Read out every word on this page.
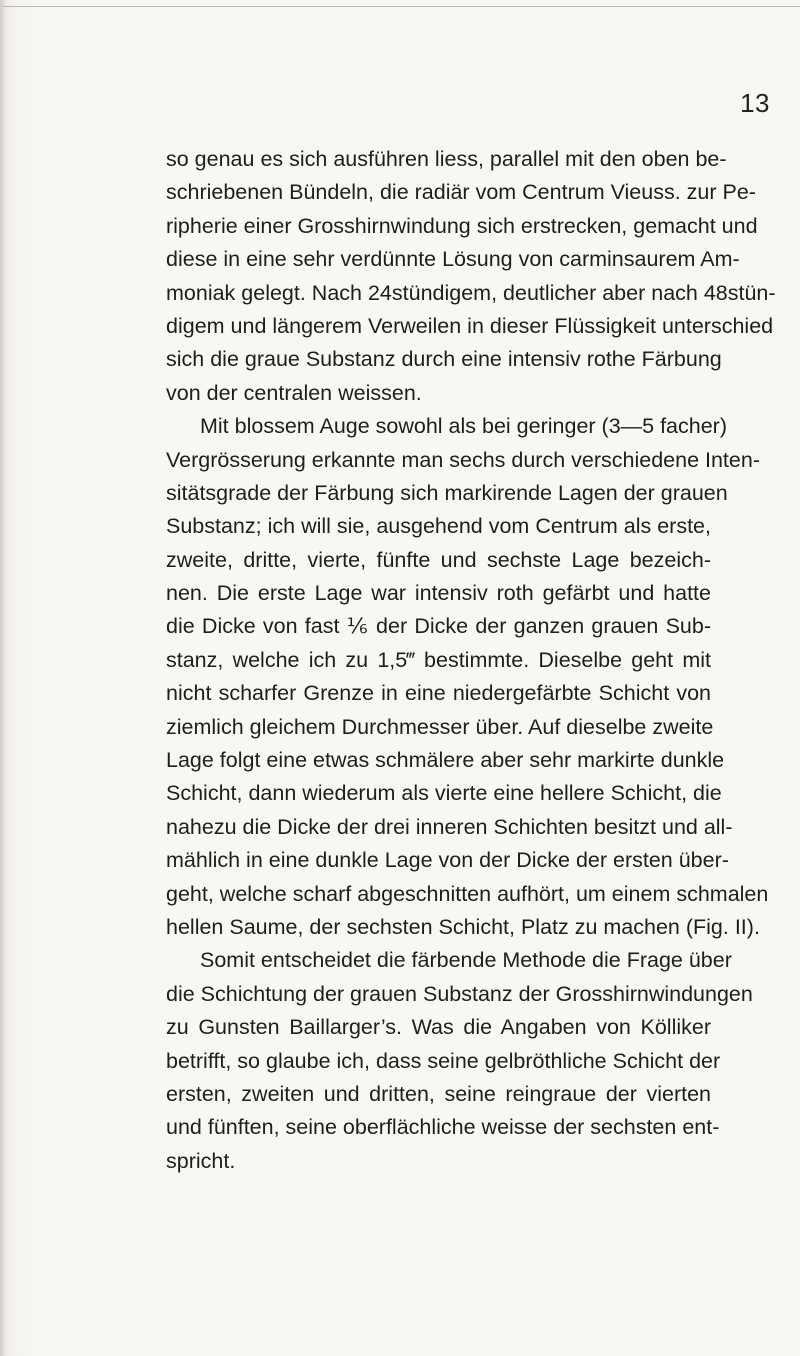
13
so genau es sich ausführen liess, parallel mit den oben be-
schriebenen Bündeln, die radiär vom Centrum Vieuss. zur Pe-
ripherie einer Grosshirnwindung sich erstrecken, gemacht und
diese in eine sehr verdünnte Lösung von carminsaurem Am-
moniak gelegt. Nach 24stündigem, deutlicher aber nach 48stün-
digem und längerem Verweilen in dieser Flüssigkeit unterschied
sich die graue Substanz durch eine intensiv rothe Färbung
von der centralen weissen.
Mit blossem Auge sowohl als bei geringer (3—5 facher)
Vergrösserung erkannte man sechs durch verschiedene Inten-
sitätsgrade der Färbung sich markirende Lagen der grauen
Substanz; ich will sie, ausgehend vom Centrum als erste,
zweite, dritte, vierte, fünfte und sechste Lage bezeich-
nen. Die erste Lage war intensiv roth gefärbt und hatte
die Dicke von fast ⅙ der Dicke der ganzen grauen Sub-
stanz, welche ich zu 1,5‴ bestimmte. Dieselbe geht mit
nicht scharfer Grenze in eine niedergefärbte Schicht von
ziemlich gleichem Durchmesser über. Auf dieselbe zweite
Lage folgt eine etwas schmälere aber sehr markirte dunkle
Schicht, dann wiederum als vierte eine hellere Schicht, die
nahezu die Dicke der drei inneren Schichten besitzt und all-
mählich in eine dunkle Lage von der Dicke der ersten über-
geht, welche scharf abgeschnitten aufhört, um einem schmalen
hellen Saume, der sechsten Schicht, Platz zu machen (Fig. II).
Somit entscheidet die färbende Methode die Frage über
die Schichtung der grauen Substanz der Grosshirnwindungen
zu Gunsten Baillarger’s. Was die Angaben von Kölliker
betrifft, so glaube ich, dass seine gelbröthliche Schicht der
ersten, zweiten und dritten, seine reingraue der vierten
und fünften, seine oberflächliche weisse der sechsten ent-
spricht.
